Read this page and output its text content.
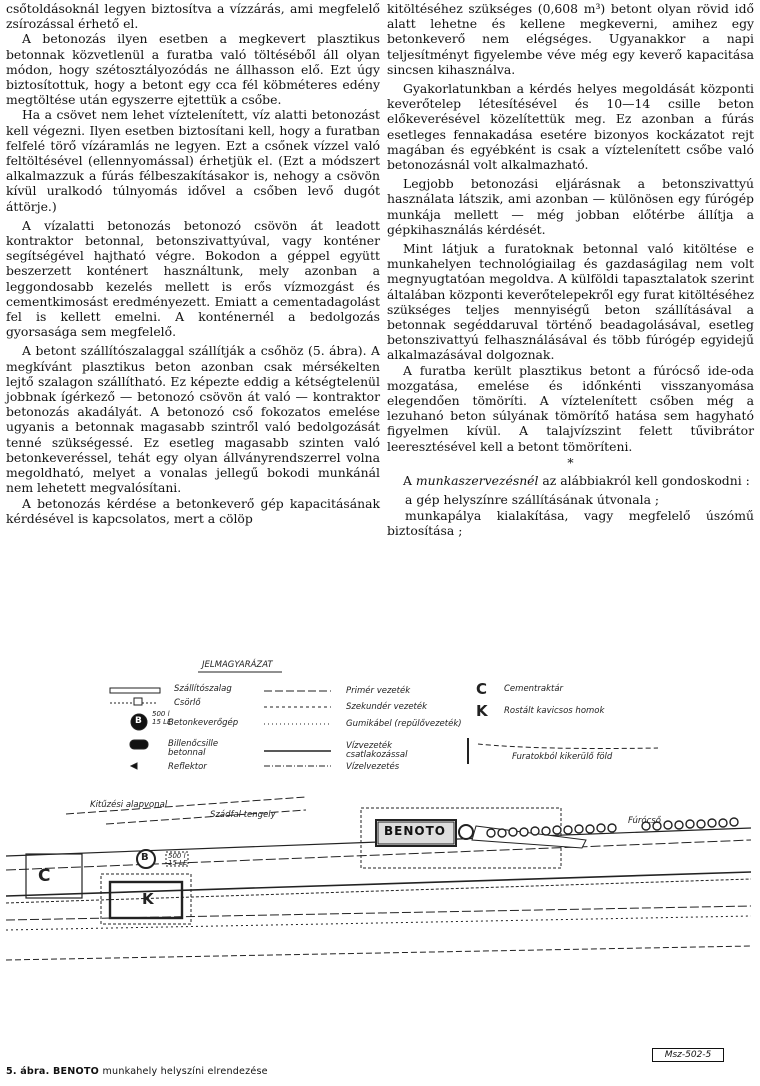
csőtoldásoknál legyen biztosítva a vízzárás, ami megfelelő zsírozással érhető el.

A betonozás ilyen esetben a megkevert plasztikus betonnak közvetlenül a furatba való töltéséből áll olyan módon, hogy szétosztályozódás ne állhasson elő. Ezt úgy biztosítottuk, hogy a betont egy cca fél köbméteres edény megtöltése után egyszerre ejtettük a csőbe.

Ha a csövet nem lehet víztelenített, víz alatti betonozást kell végezni. Ilyen esetben biztosítani kell, hogy a furatban felfelé törő vízáramlás ne legyen. Ezt a csőnek vízzel való feltöltésével (ellennyomással) érhetjük el. (Ezt a módszert alkalmazzuk a fúrás félbeszakításakor is, nehogy a csövön kívül uralkodó túlnyomás idővel a csőben levő dugót áttörje.)

A vízalatti betonozás betonozó csövön át leadott kontraktor betonnal, betonszivattyúval, vagy konténer segítségével hajtható végre. Bokodon a géppel együtt beszerzett konténert használtunk, mely azonban a leggondosabb kezelés mellett is erős vízmozgást és cementkimosást eredményezett. Emiatt a cementadagolást fel is kellett emelni. A konténernél a bedolgozás gyorsasága sem megfelelő.

A betont szállítószalaggal szállítják a csőhöz (5. ábra). A megkívánt plasztikus beton azonban csak mérsékelten lejtő szalagon szállítható. Ez képezte eddig a kétségtelenül jobbnak ígérkező — betonozó csövön át való — kontraktor betonozás akadályát. A betonozó cső fokozatos emelése ugyanis a betonnak magasabb szintről való bedolgozását tenné szükségessé. Ez esetleg magasabb szinten való betonkeveréssel, tehát egy olyan állványrendszerrel volna megoldható, melyet a vonalas jellegű bokodi munkánál nem lehetett megvalósítani.

A betonozás kérdése a betonkeverő gép kapacitásának kérdésével is kapcsolatos, mert a cölöp

kitöltéséhez szükséges (0,608 m³) betont olyan rövid idő alatt lehetne és kellene megkeverni, amihez egy betonkeverő nem elégséges. Ugyanakkor a napi teljesítményt figyelembe véve még egy keverő kapacitása sincsen kihasználva.

Gyakorlatunkban a kérdés helyes megoldását központi keverőtelep létesítésével és 10—14 csille beton előkeverésével közelítettük meg. Ez azonban a fúrás esetleges fennakadása esetére bizonyos kockázatot rejt magában és egyébként is csak a víztelenített csőbe való betonozásnál volt alkalmazható.

Legjobb betonozási eljárásnak a betonszivattyú használata látszik, ami azonban — különösen egy fúrógép munkája mellett — még jobban előtérbe állítja a gépkihasználás kérdését.

Mint látjuk a furatoknak betonnal való kitöltése e munkahelyen technológiailag és gazdaságilag nem volt megnyugtatóan megoldva. A külföldi tapasztalatok szerint általában központi keverőtelepekről egy furat kitöltéséhez szükséges teljes mennyiségű beton szállításával a betonnak segéddaruval történő beadagolásával, esetleg betonszivattyú felhasználásával és több fúrógép egyidejű alkalmazásával dolgoznak.

A furatba került plasztikus betont a fúrócső ide-oda mozgatása, emelése és időnkénti visszanyomása elegendően tömöríti. A víztelenített csőben még a lezuhanó beton súlyának tömörítő hatása sem hagyható figyelmen kívül. A talajvízszint felett tűvibrátor leeresztésével kell a betont tömöríteni.

*

A munkaszervezésnél az alábbiakról kell gondoskodni :

a gép helyszínre szállításának útvonala ;

munkapálya kialakítása, vagy megfelelő úszómű biztosítása ;

JELMAGYARÁZAT
Szállítószalag
Csörlő
Betonkeverőgép
B
500 l 15 LE
Billenőcsille betonnal
Reflektor
Primér vezeték
Szekundér vezeték
Gumikábel (repülővezeték)
Vízvezeték csatlakozással
Vízelvezetés
C Cementraktár
K Rostált kavicsos homok
Furatokból kikerülő föld
Kitűzési alapvonal
Szádfal tengely
BENOTO
Fúrócső
C
K
B	500 l 15 LE
Msz-502-5
5. ábra. BENOTO munkahely helyszíni elrendezése
